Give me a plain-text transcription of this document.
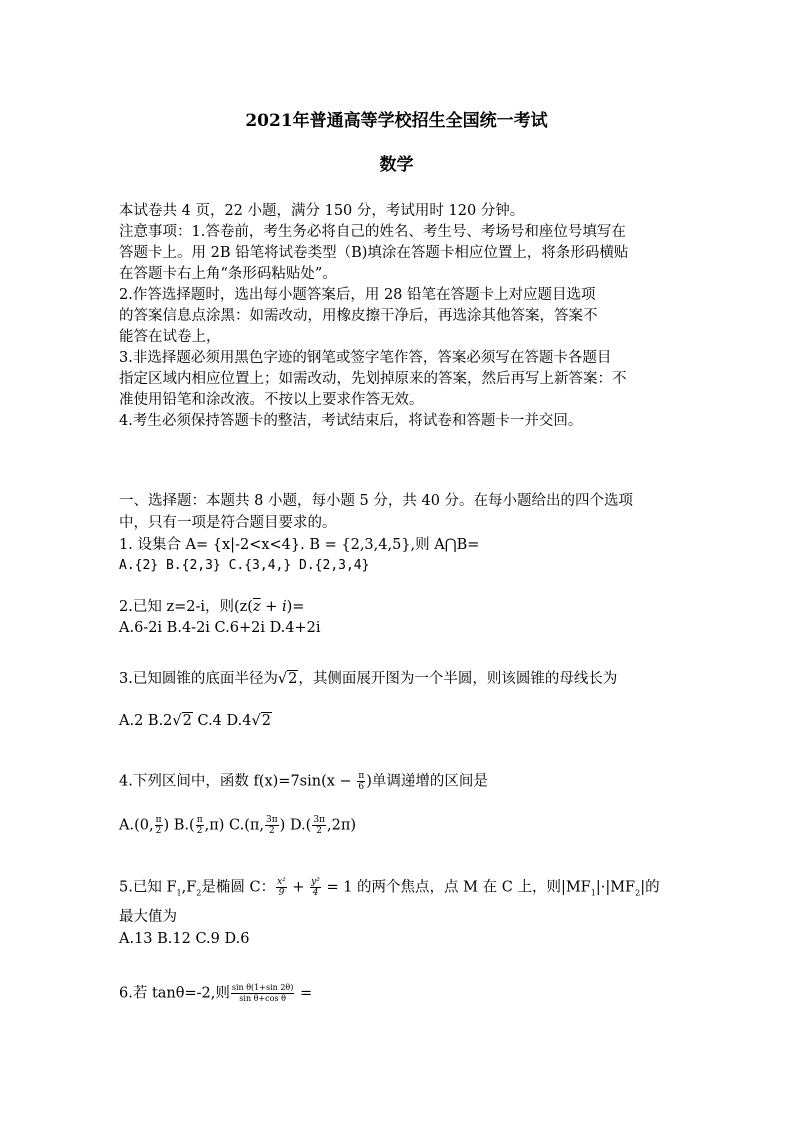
2021年普通高等学校招生全国统一考试
数学
本试卷共 4 页，22 小题，满分 150 分，考试用时 120 分钟。
注意事项：1.答卷前，考生务必将自己的姓名、考生号、考场号和座位号填写在
答题卡上。用 2B 铅笔将试卷类型（B)填涂在答题卡相应位置上，将条形码横贴
在答题卡右上角“条形码粘贴处”。
2.作答选择题时，选出每小题答案后，用 28 铅笔在答题卡上对应题目选项
的答案信息点涂黑：如需改动，用橡皮擦干净后，再选涂其他答案，答案不
能答在试卷上，
3.非选择题必须用黑色字迹的钢笔或签字笔作答，答案必须写在答题卡各题目
指定区域内相应位置上；如需改动，先划掉原来的答案，然后再写上新答案：不
准使用铅笔和涂改液。不按以上要求作答无效。
4.考生必须保持答题卡的整洁，考试结束后，将试卷和答题卡一并交回。
一、选择题：本题共 8 小题，每小题 5 分，共 40 分。在每小题给出的四个选项
中，只有一项是符合题目要求的。
1. 设集合 A= {x|-2<x<4}. B = {2,3,4,5},则 A⋂B=
A.{2} B.{2,3} C.{3,4,} D.{2,3,4}
2.已知 z=2-i，则($z(\overline{z} + i)=$
A.6-2i B.4-2i C.6+2i D.4+2i
3.已知圆锥的底面半径为√2，其侧面展开图为一个半圆，则该圆锥的母线长为
A.2 B.2√2 C.4 D.4√2
4.下列区间中，函数 $f(x)=7\sin(x - \frac{\pi}{6}$ )单调递增的区间是
A.(0, $\frac{\pi}{2}$ ) $B.( \frac{\pi}{2} ,\pi)$ C.(π, $\frac{3\pi}{2}$ ) $D.( \frac{3\pi}{2} ,2\pi)$
5.已知 $F_1,F_2$是椭圆 C： $\frac{\text{x²}}{9} + \frac{\text{y²}}{4} = 1$ 的两个焦点，点 M 在 C 上，则$|MF_1|\cdot|MF_2|$的
最大值为
A.13 B.12 C.9 D.6
6.若 tanθ=-2,则 $\frac{\text{sin θ(1+sin 2θ)}}{\text{sin θ+cos θ}}$ =
